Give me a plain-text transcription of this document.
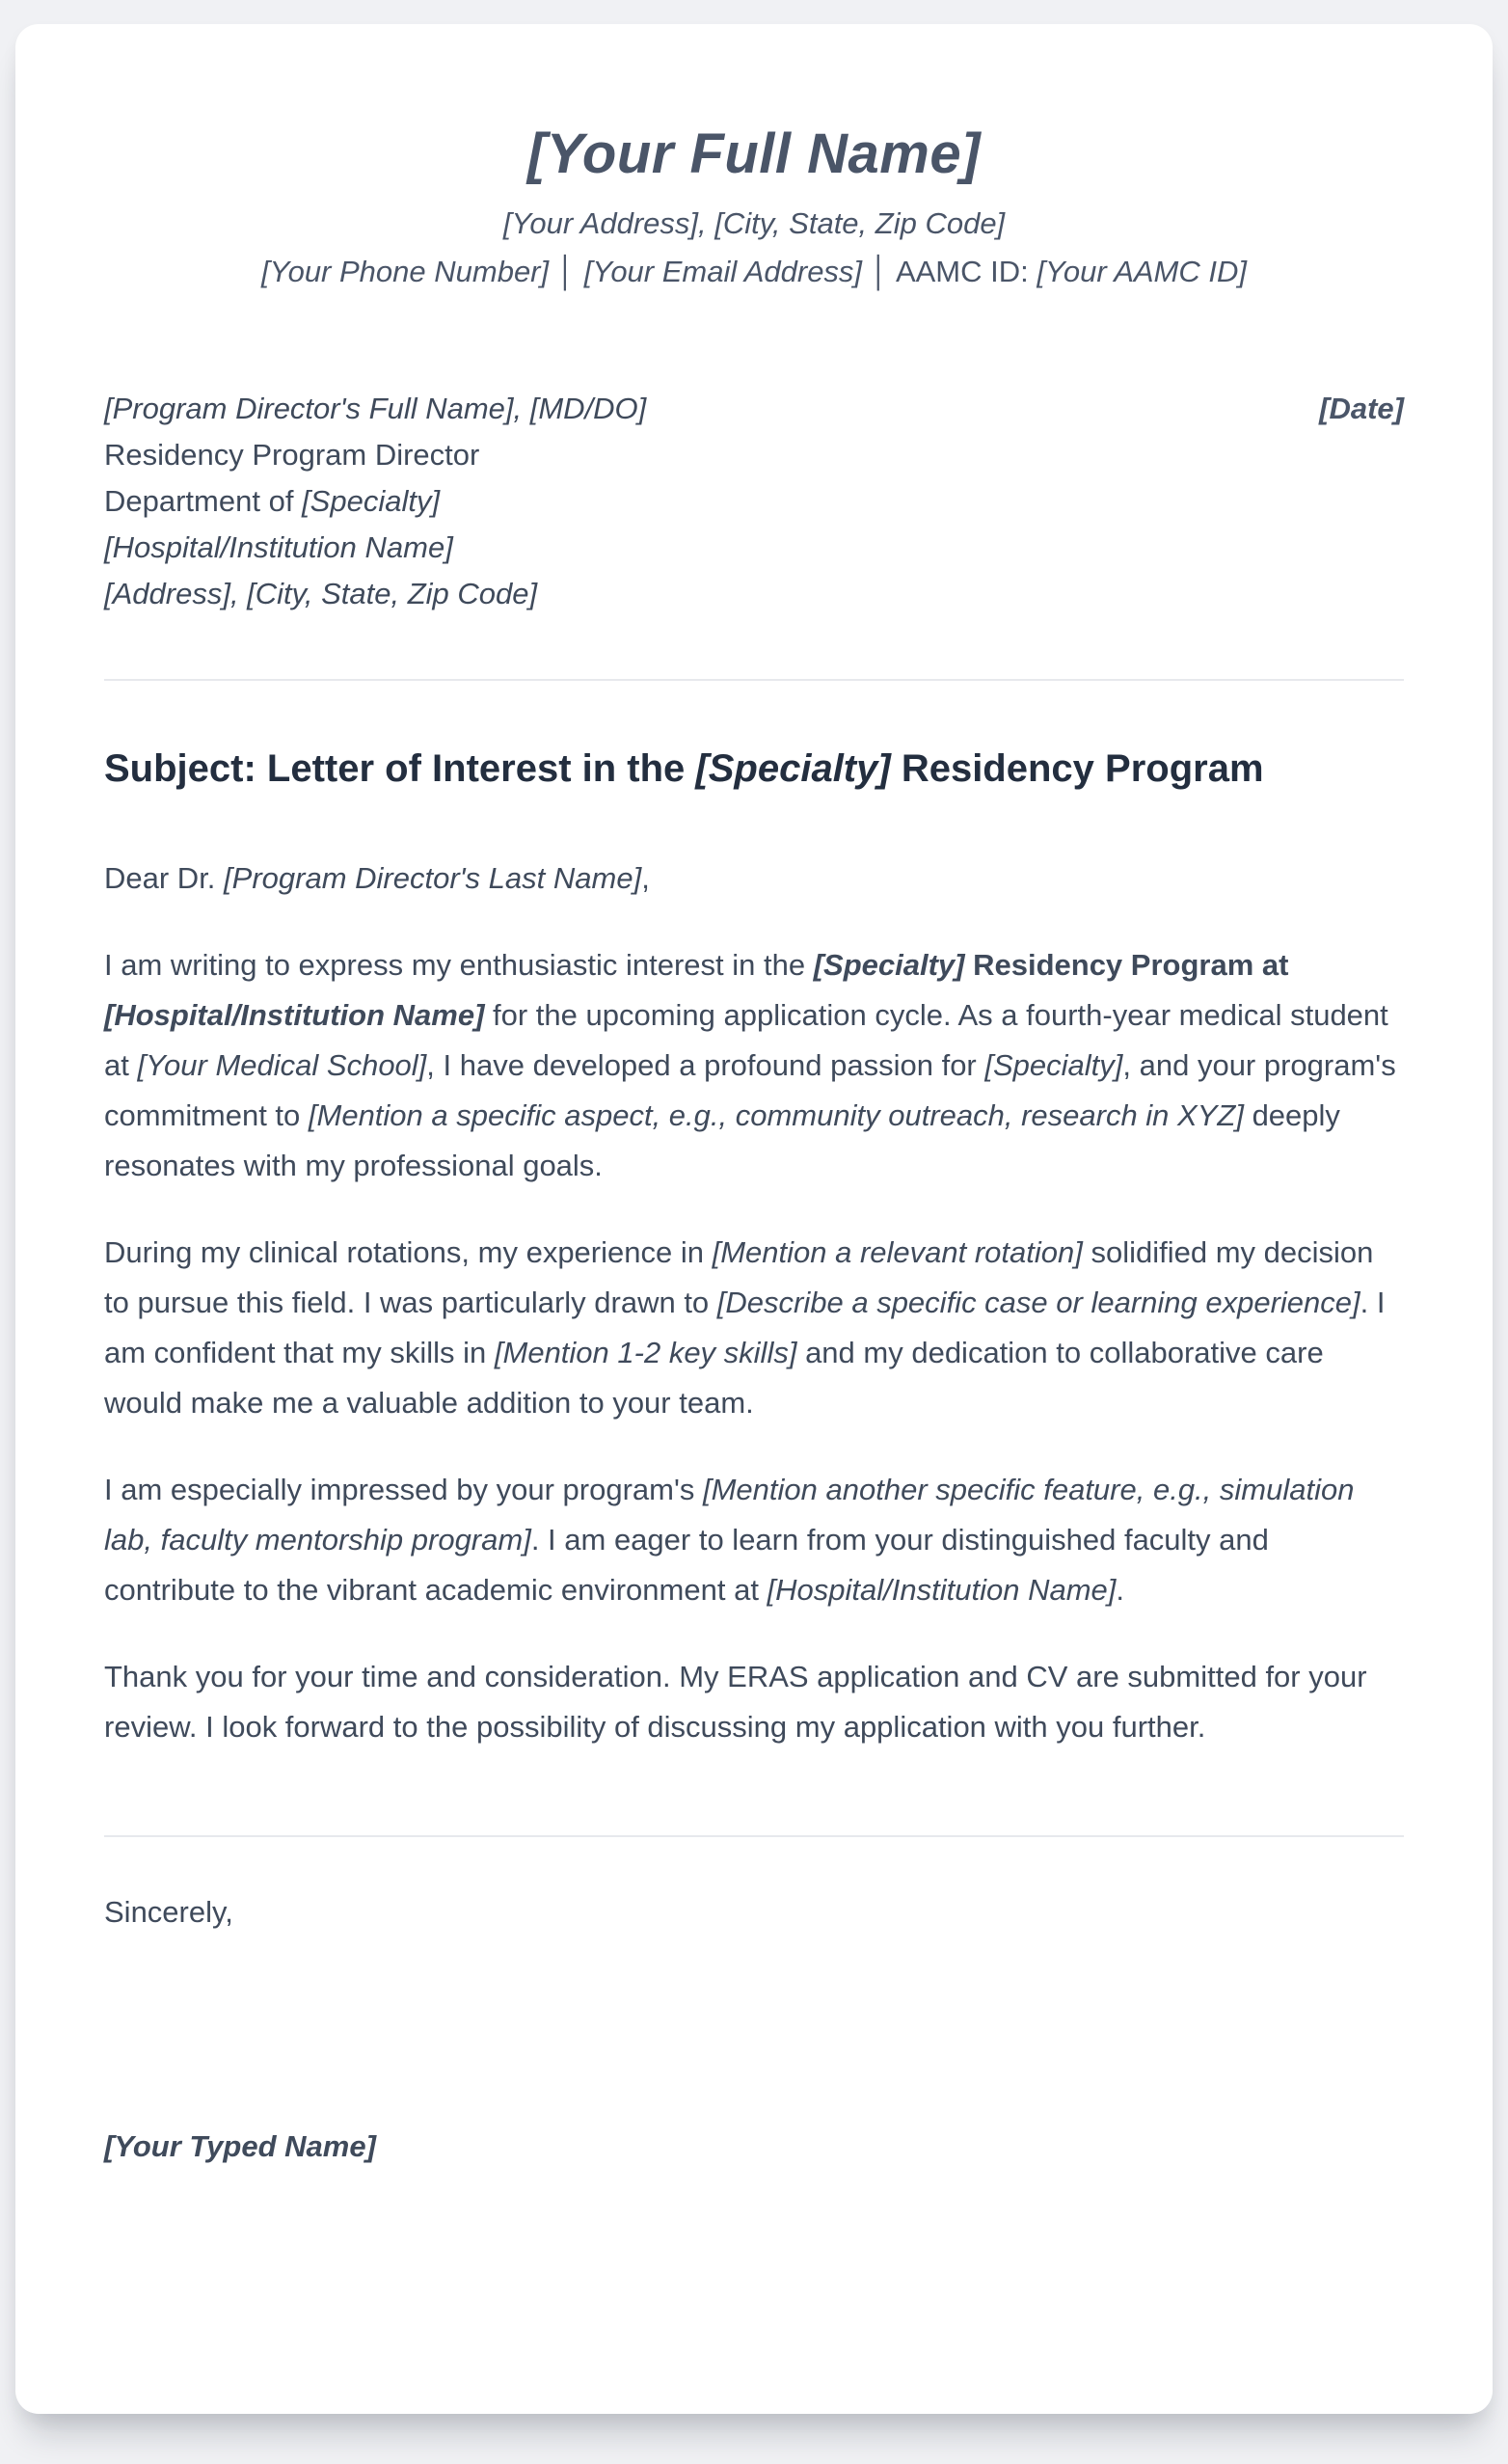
[Your Full Name]
[Your Address], [City, State, Zip Code]
[Your Phone Number] │ [Your Email Address] │ AAMC ID: [Your AAMC ID]
[Program Director's Full Name], [MD/DO]	[Date]
Residency Program Director
Department of [Specialty]
[Hospital/Institution Name]
[Address], [City, State, Zip Code]
Subject: Letter of Interest in the [Specialty] Residency Program

Dear Dr. [Program Director's Last Name],

I am writing to express my enthusiastic interest in the [Specialty] Residency Program at [Hospital/Institution Name] for the upcoming application cycle. As a fourth-year medical student at [Your Medical School], I have developed a profound passion for [Specialty], and your program's commitment to [Mention a specific aspect, e.g., community outreach, research in XYZ] deeply resonates with my professional goals.

During my clinical rotations, my experience in [Mention a relevant rotation] solidified my decision to pursue this field. I was particularly drawn to [Describe a specific case or learning experience]. I am confident that my skills in [Mention 1-2 key skills] and my dedication to collaborative care would make me a valuable addition to your team.

I am especially impressed by your program's [Mention another specific feature, e.g., simulation lab, faculty mentorship program]. I am eager to learn from your distinguished faculty and contribute to the vibrant academic environment at [Hospital/Institution Name].

Thank you for your time and consideration. My ERAS application and CV are submitted for your review. I look forward to the possibility of discussing my application with you further.

Sincerely,

[Your Typed Name]
